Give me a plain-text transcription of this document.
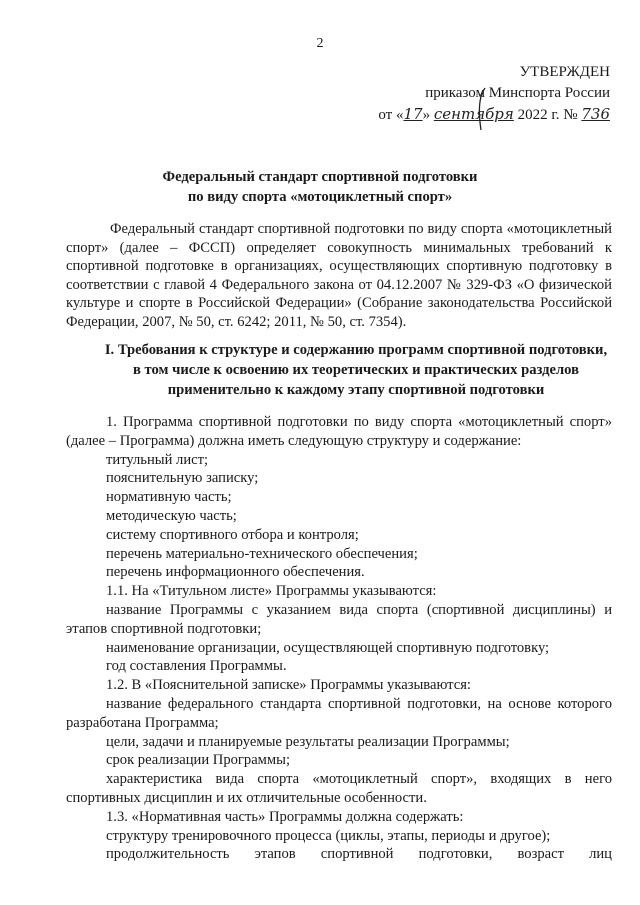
2
УТВЕРЖДЕН
приказом Минспорта России
от «17» сентября 2022 г. № 736
Федеральный стандарт спортивной подготовки
по виду спорта «мотоциклетный спорт»

Федеральный стандарт спортивной подготовки по виду спорта «мотоциклетный спорт» (далее – ФССП) определяет совокупность минимальных требований к спортивной подготовке в организациях, осуществляющих спортивную подготовку в соответствии с главой 4 Федерального закона от 04.12.2007 № 329-ФЗ «О физической культуре и спорте в Российской Федерации» (Собрание законодательства Российской Федерации, 2007, № 50, ст. 6242; 2011, № 50, ст. 7354).

I. Требования к структуре и содержанию программ спортивной подготовки, в том числе к освоению их теоретических и практических разделов применительно к каждому этапу спортивной подготовки

1. Программа спортивной подготовки по виду спорта «мотоциклетный спорт» (далее – Программа) должна иметь следующую структуру и содержание:

титульный лист;

пояснительную записку;

нормативную часть;

методическую часть;

систему спортивного отбора и контроля;

перечень материально-технического обеспечения;

перечень информационного обеспечения.

1.1. На «Титульном листе» Программы указываются:

название Программы с указанием вида спорта (спортивной дисциплины) и этапов спортивной подготовки;

наименование организации, осуществляющей спортивную подготовку;

год составления Программы.

1.2. В «Пояснительной записке» Программы указываются:

название федерального стандарта спортивной подготовки, на основе которого разработана Программа;

цели, задачи и планируемые результаты реализации Программы;

срок реализации Программы;

характеристика вида спорта «мотоциклетный спорт», входящих в него спортивных дисциплин и их отличительные особенности.

1.3. «Нормативная часть» Программы должна содержать:

структуру тренировочного процесса (циклы, этапы, периоды и другое);

продолжительность этапов спортивной подготовки, возраст лиц
